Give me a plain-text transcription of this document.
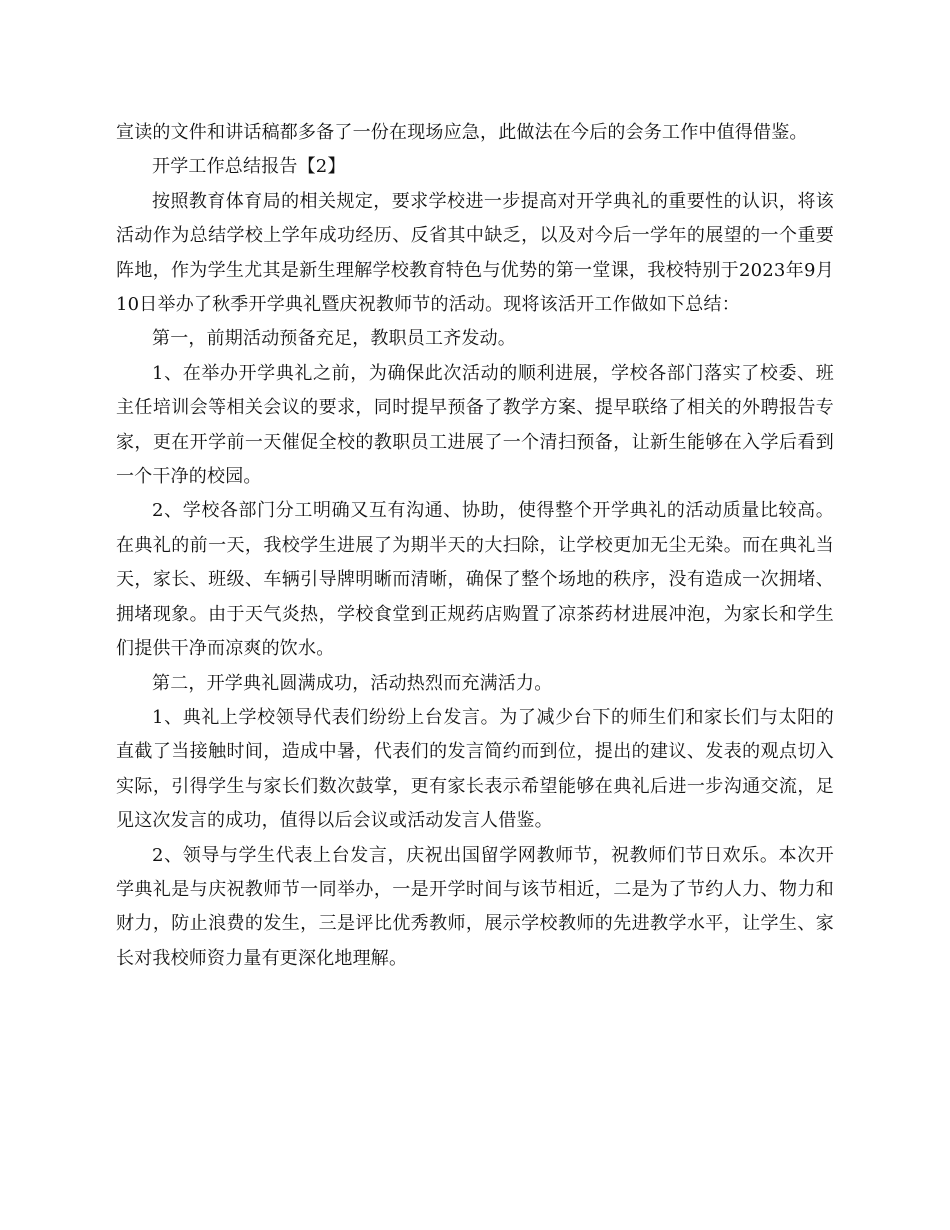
宣读的文件和讲话稿都多备了一份在现场应急，此做法在今后的会务工作中值得借鉴。

开学工作总结报告【2】

按照教育体育局的相关规定，要求学校进一步提高对开学典礼的重要性的认识，将该活动作为总结学校上学年成功经历、反省其中缺乏，以及对今后一学年的展望的一个重要阵地，作为学生尤其是新生理解学校教育特色与优势的第一堂课，我校特别于2023年9月10日举办了秋季开学典礼暨庆祝教师节的活动。现将该活开工作做如下总结：

第一，前期活动预备充足，教职员工齐发动。

1、在举办开学典礼之前，为确保此次活动的顺利进展，学校各部门落实了校委、班主任培训会等相关会议的要求，同时提早预备了教学方案、提早联络了相关的外聘报告专家，更在开学前一天催促全校的教职员工进展了一个清扫预备，让新生能够在入学后看到一个干净的校园。

2、学校各部门分工明确又互有沟通、协助，使得整个开学典礼的活动质量比较高。在典礼的前一天，我校学生进展了为期半天的大扫除，让学校更加无尘无染。而在典礼当天，家长、班级、车辆引导牌明晰而清晰，确保了整个场地的秩序，没有造成一次拥堵、拥堵现象。由于天气炎热，学校食堂到正规药店购置了凉茶药材进展冲泡，为家长和学生们提供干净而凉爽的饮水。

第二，开学典礼圆满成功，活动热烈而充满活力。

1、典礼上学校领导代表们纷纷上台发言。为了减少台下的师生们和家长们与太阳的直截了当接触时间，造成中暑，代表们的发言简约而到位，提出的建议、发表的观点切入实际，引得学生与家长们数次鼓掌，更有家长表示希望能够在典礼后进一步沟通交流，足见这次发言的成功，值得以后会议或活动发言人借鉴。

2、领导与学生代表上台发言，庆祝出国留学网教师节，祝教师们节日欢乐。本次开学典礼是与庆祝教师节一同举办，一是开学时间与该节相近，二是为了节约人力、物力和财力，防止浪费的发生，三是评比优秀教师，展示学校教师的先进教学水平，让学生、家长对我校师资力量有更深化地理解。
